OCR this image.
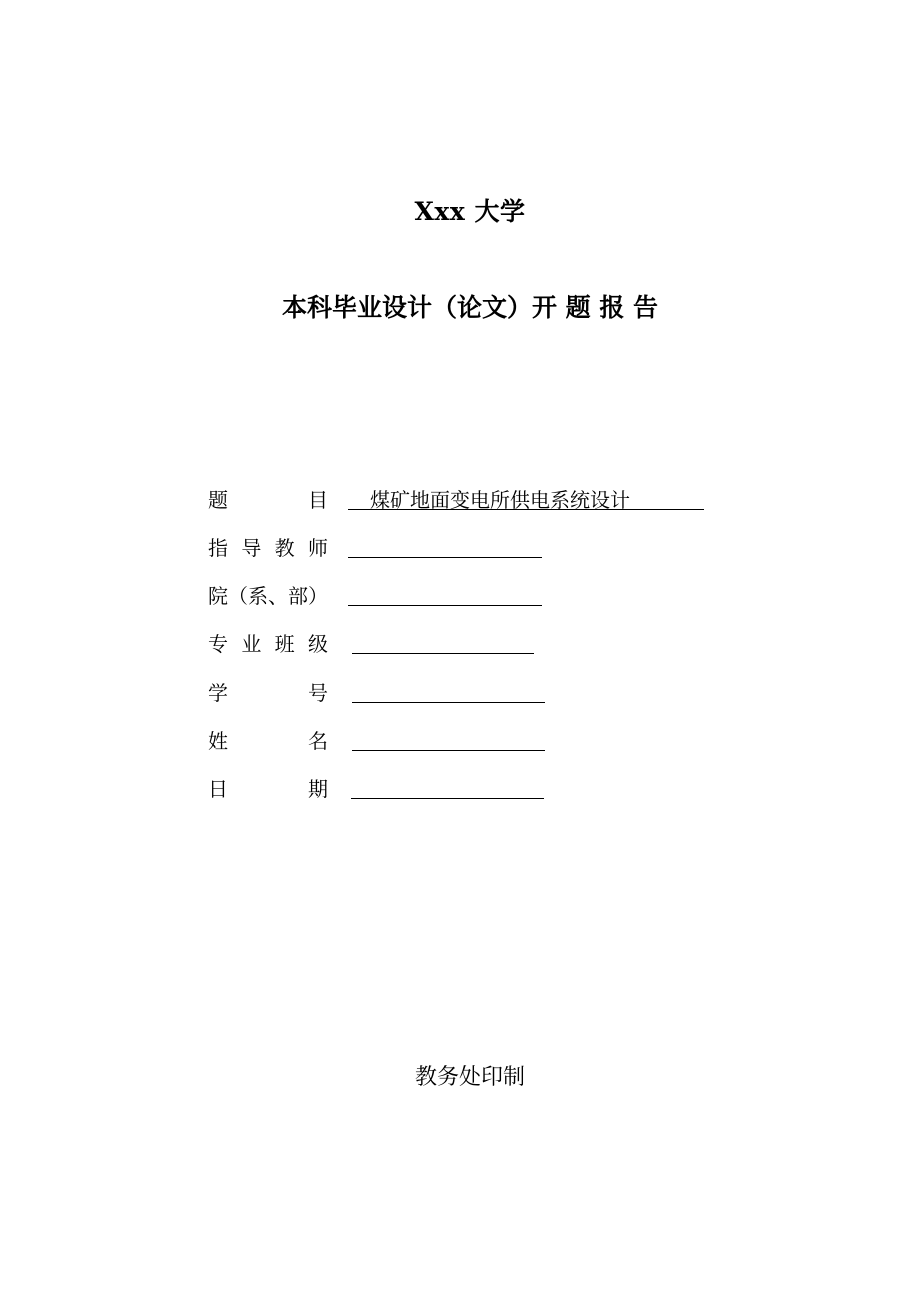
Xxx 大学
本科毕业设计（论文）开 题 报 告
题	目 煤矿地面变电所供电系统设计
指 导 教 师
院（系、部）
专 业 班 级
学	号
姓	名
日	期
教务处印制
